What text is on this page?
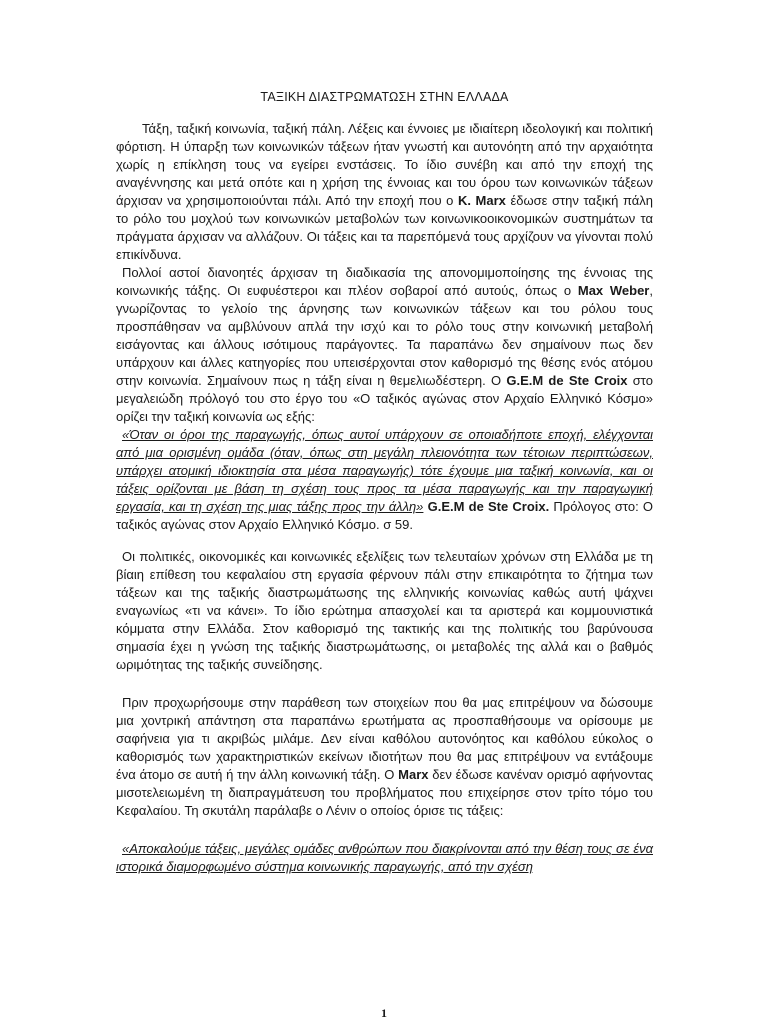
ΤΑΞΙΚΗ ΔΙΑΣΤΡΩΜΑΤΩΣΗ ΣΤΗΝ ΕΛΛΑΔΑ

Τάξη, ταξική κοινωνία, ταξική πάλη. Λέξεις και έννοιες με ιδιαίτερη ιδεολογική και πολιτική φόρτιση. Η ύπαρξη των κοινωνικών τάξεων ήταν γνωστή και αυτονόητη από την αρχαιότητα χωρίς η επίκληση τους να εγείρει ενστάσεις. Το ίδιο συνέβη και από την εποχή της αναγέννησης και μετά οπότε και η χρήση της έννοιας και του όρου των κοινωνικών τάξεων άρχισαν να χρησιμοποιούνται πάλι. Από την εποχή που ο K. Marx έδωσε στην ταξική πάλη το ρόλο του μοχλού των κοινωνικών μεταβολών των κοινωνικοοικονομικών συστημάτων τα πράγματα άρχισαν να αλλάζουν. Οι τάξεις και τα παρεπόμενά τους αρχίζουν να γίνονται πολύ επικίνδυνα.

Πολλοί αστοί διανοητές άρχισαν τη διαδικασία της απονομιμοποίησης της έννοιας της κοινωνικής τάξης. Οι ευφυέστεροι και πλέον σοβαροί από αυτούς, όπως ο Max Weber, γνωρίζοντας το γελοίο της άρνησης των κοινωνικών τάξεων και του ρόλου τους προσπάθησαν να αμβλύνουν απλά την ισχύ και το ρόλο τους στην κοινωνική μεταβολή εισάγοντας και άλλους ισότιμους παράγοντες. Τα παραπάνω δεν σημαίνουν πως δεν υπάρχουν και άλλες κατηγορίες που υπεισέρχονται στον καθορισμό της θέσης ενός ατόμου στην κοινωνία. Σημαίνουν πως η τάξη είναι η θεμελιωδέστερη. Ο G.E.M de Ste Croix στο μεγαλειώδη πρόλογό του στο έργο του «Ο ταξικός αγώνας στον Αρχαίο Ελληνικό Κόσμο» ορίζει την ταξική κοινωνία ως εξής:

«Όταν οι όροι της παραγωγής, όπως αυτοί υπάρχουν σε οποιαδήποτε εποχή, ελέγχονται από μια ορισμένη ομάδα (όταν, όπως στη μεγάλη πλειονότητα των τέτοιων περιπτώσεων, υπάρχει ατομική ιδιοκτησία στα μέσα παραγωγής) τότε έχουμε μια ταξική κοινωνία, και οι τάξεις ορίζονται με βάση τη σχέση τους προς τα μέσα παραγωγής και την παραγωγική εργασία, και τη σχέση της μιας τάξης προς την άλλη» G.E.M de Ste Croix. Πρόλογος στο: Ο ταξικός αγώνας στον Αρχαίο Ελληνικό Κόσμο. σ 59.

Οι πολιτικές, οικονομικές και κοινωνικές εξελίξεις των τελευταίων χρόνων στη Ελλάδα με τη βίαιη επίθεση του κεφαλαίου στη εργασία φέρνουν πάλι στην επικαιρότητα το ζήτημα των τάξεων και της ταξικής διαστρωμάτωσης της ελληνικής κοινωνίας καθώς αυτή ψάχνει εναγωνίως «τι να κάνει». Το ίδιο ερώτημα απασχολεί και τα αριστερά και κομμουνιστικά κόμματα στην Ελλάδα. Στον καθορισμό της τακτικής και της πολιτικής του βαρύνουσα σημασία έχει η γνώση της ταξικής διαστρωμάτωσης, οι μεταβολές της αλλά και ο βαθμός ωριμότητας της ταξικής συνείδησης.

Πριν προχωρήσουμε στην παράθεση των στοιχείων που θα μας επιτρέψουν να δώσουμε μια χοντρική απάντηση στα παραπάνω ερωτήματα ας προσπαθήσουμε να ορίσουμε με σαφήνεια για τι ακριβώς μιλάμε. Δεν είναι καθόλου αυτονόητος και καθόλου εύκολος ο καθορισμός των χαρακτηριστικών εκείνων ιδιοτήτων που θα μας επιτρέψουν να εντάξουμε ένα άτομο σε αυτή ή την άλλη κοινωνική τάξη. Ο Marx δεν έδωσε κανέναν ορισμό αφήνοντας μισοτελειωμένη τη διαπραγμάτευση του προβλήματος που επιχείρησε στον τρίτο τόμο του Κεφαλαίου. Τη σκυτάλη παράλαβε ο Λένιν ο οποίος όρισε τις τάξεις:

«Αποκαλούμε τάξεις, μεγάλες ομάδες ανθρώπων που διακρίνονται από την θέση τους σε ένα ιστορικά διαμορφωμένο σύστημα κοινωνικής παραγωγής, από την σχέση

1
